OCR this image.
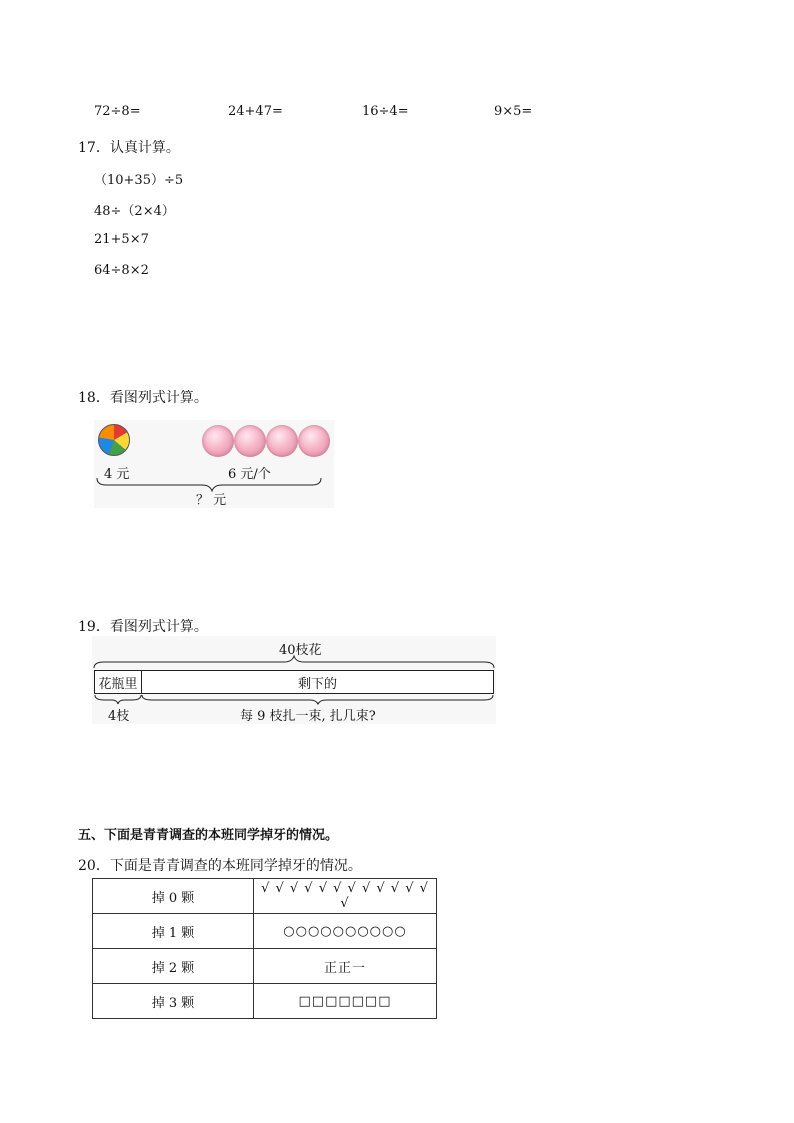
72÷8=	24+47=	16÷4=	9×5=
17．认真计算。
（10+35）÷5
48÷（2×4）
21+5×7
64÷8×2
18．看图列式计算。
4 元	6 元/个
？ 元
19．看图列式计算。
40枝花
花瓶里	剩下的
4枝	每 9 枝扎一束, 扎几束?
五、下面是青青调查的本班同学掉牙的情况。
20．下面是青青调查的本班同学掉牙的情况。
掉 0 颗	√ √ √ √ √ √ √ √ √ √ √ √ √
掉 1 颗	○○○○○○○○○○
掉 2 颗	正正一
掉 3 颗	□□□□□□□
